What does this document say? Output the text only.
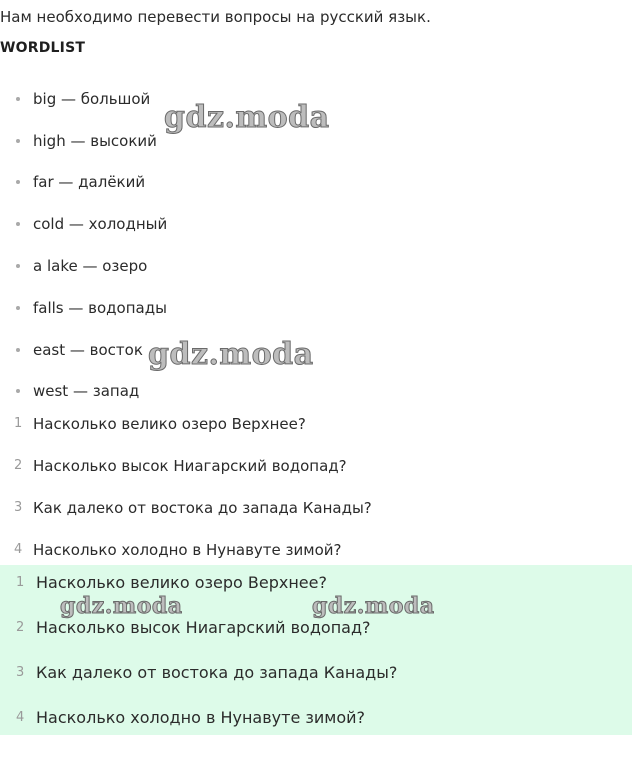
Нам необходимо перевести вопросы на русский язык.
WORDLIST
big — большой
high — высокий
far — далёкий
cold — холодный
a lake — озеро
falls — водопады
east — восток
west — запад
1 Насколько велико озеро Верхнее?
2 Насколько высок Ниагарский водопад?
3 Как далеко от востока до запада Канады?
4 Насколько холодно в Нунавуте зимой?
1 Насколько велико озеро Верхнее?
2 Насколько высок Ниагарский водопад?
3 Как далеко от востока до запада Канады?
4 Насколько холодно в Нунавуте зимой?
gdz.moda
gdz.moda
gdz.moda	gdz.moda
